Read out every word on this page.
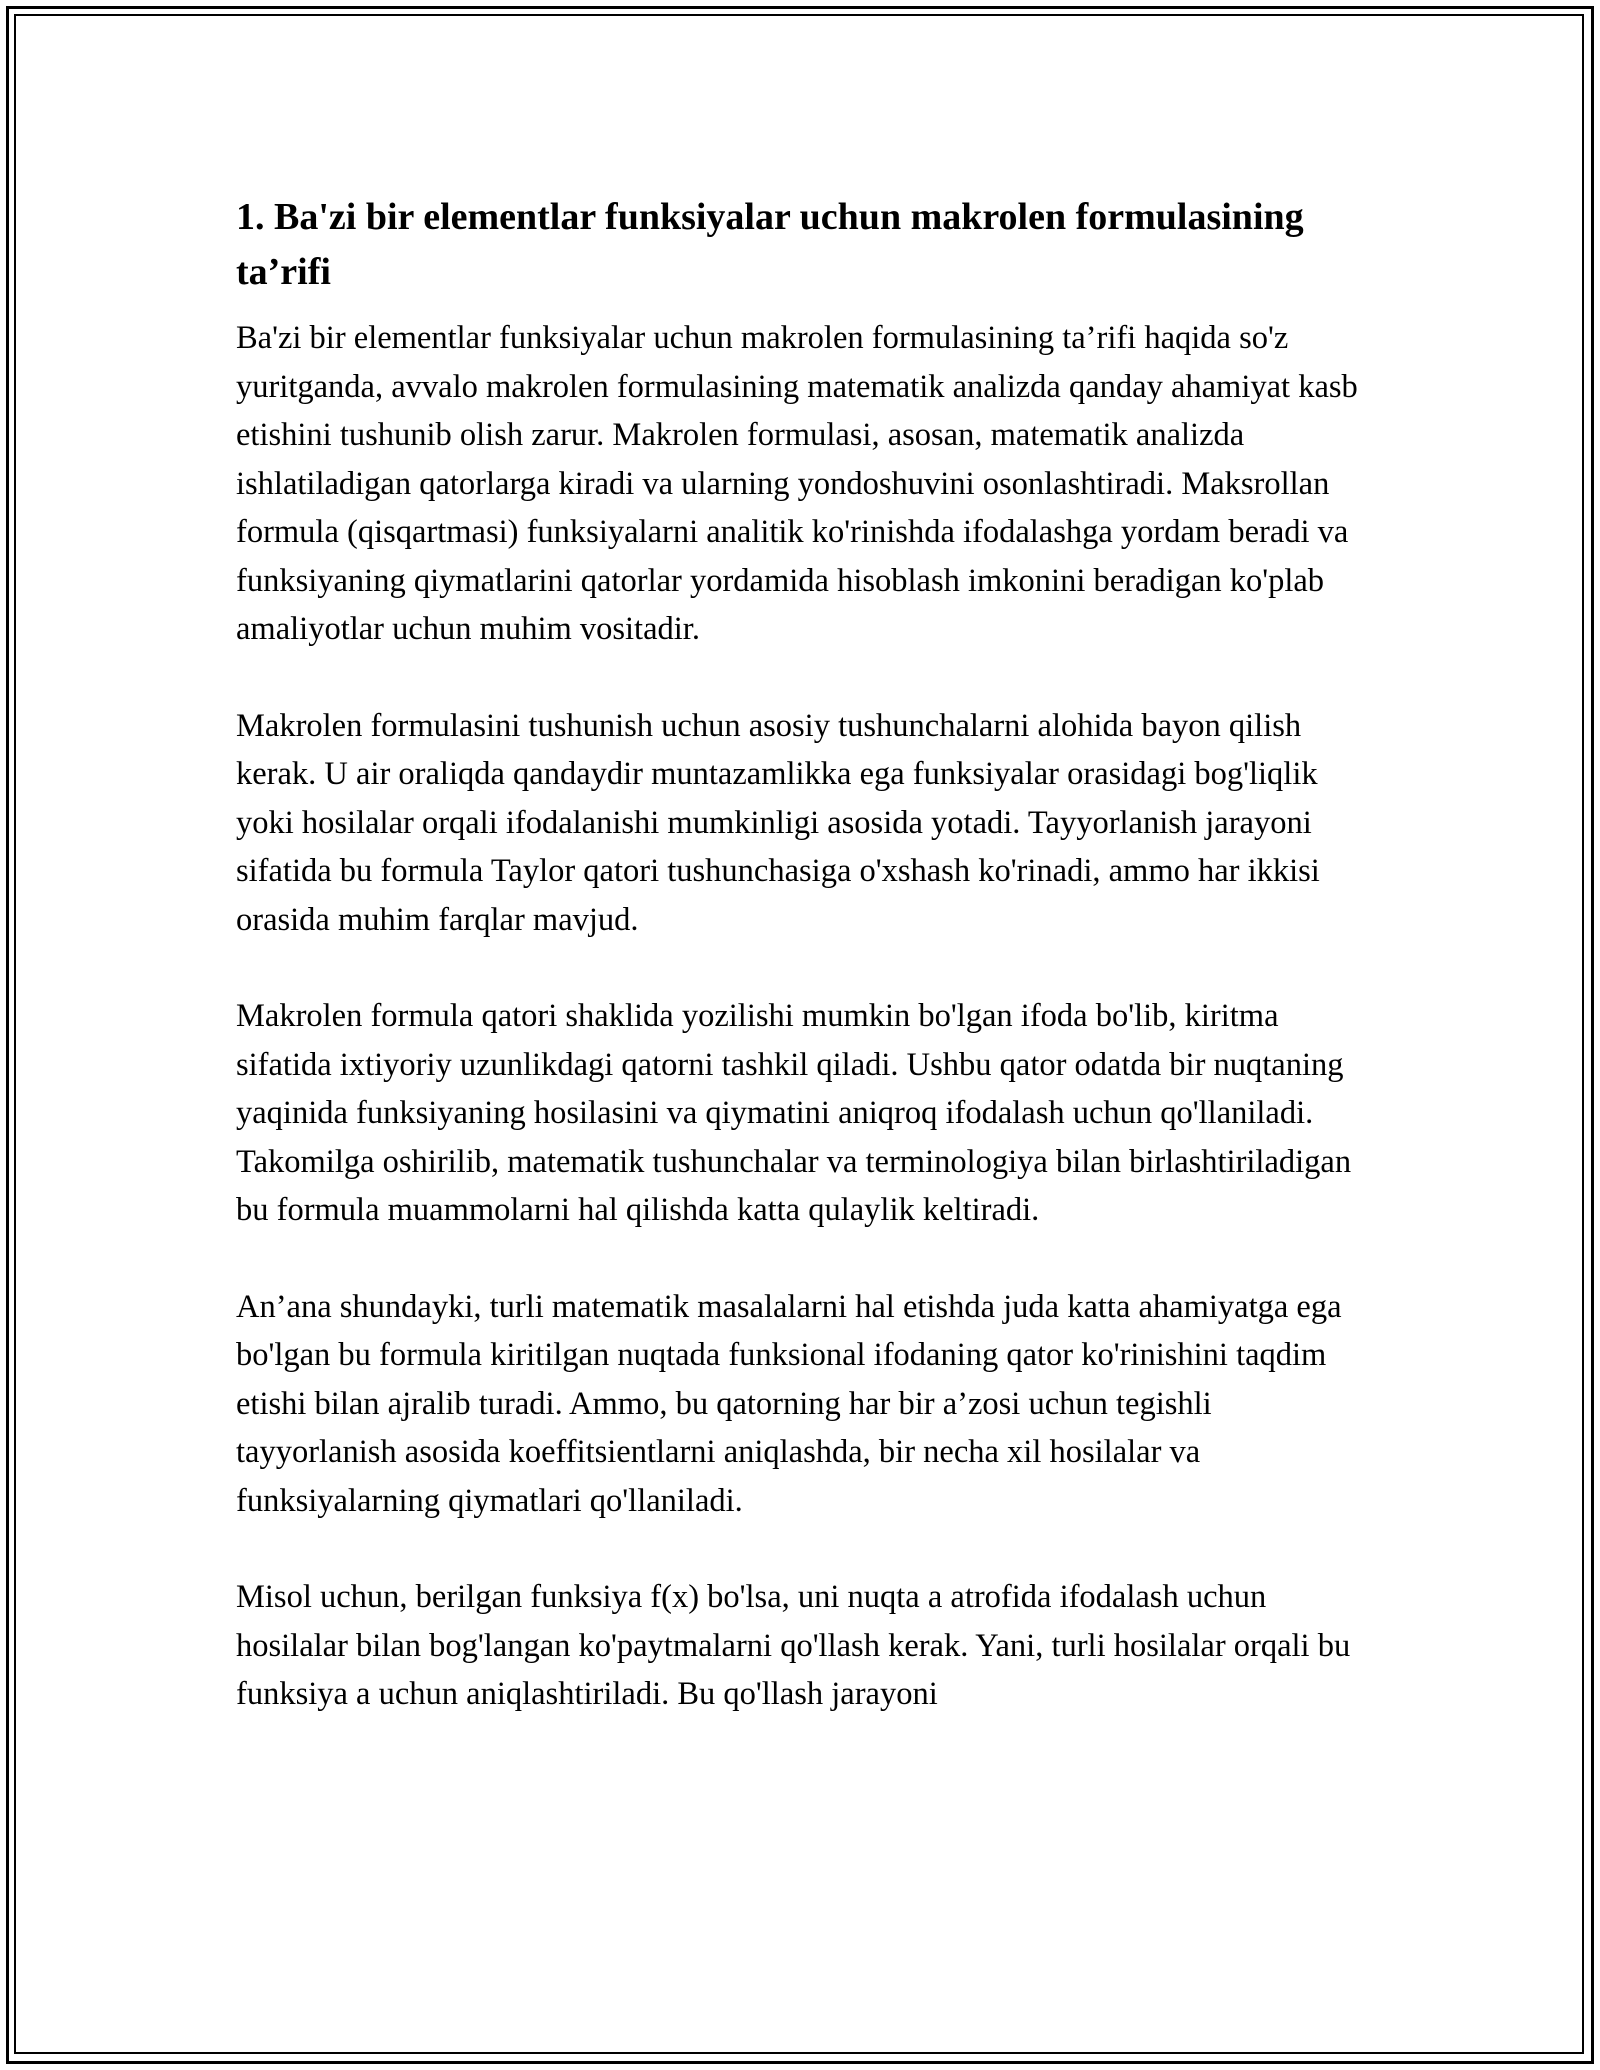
1. Ba'zi bir elementlar funksiyalar uchun makrolen formulasining ta’rifi

Ba'zi bir elementlar funksiyalar uchun makrolen formulasining ta’rifi haqida so'z yuritganda, avvalo makrolen formulasining matematik analizda qanday ahamiyat kasb etishini tushunib olish zarur. Makrolen formulasi, asosan, matematik analizda ishlatiladigan qatorlarga kiradi va ularning yondoshuvini osonlashtiradi. Maksrollan formula (qisqartmasi) funksiyalarni analitik ko'rinishda ifodalashga yordam beradi va funksiyaning qiymatlarini qatorlar yordamida hisoblash imkonini beradigan ko'plab amaliyotlar uchun muhim vositadir.

Makrolen formulasini tushunish uchun asosiy tushunchalarni alohida bayon qilish kerak. U air oraliqda qandaydir muntazamlikka ega funksiyalar orasidagi bog'liqlik yoki hosilalar orqali ifodalanishi mumkinligi asosida yotadi. Tayyorlanish jarayoni sifatida bu formula Taylor qatori tushunchasiga o'xshash ko'rinadi, ammo har ikkisi orasida muhim farqlar mavjud.

Makrolen formula qatori shaklida yozilishi mumkin bo'lgan ifoda bo'lib, kiritma sifatida ixtiyoriy uzunlikdagi qatorni tashkil qiladi. Ushbu qator odatda bir nuqtaning yaqinida funksiyaning hosilasini va qiymatini aniqroq ifodalash uchun qo'llaniladi. Takomilga oshirilib, matematik tushunchalar va terminologiya bilan birlashtiriladigan bu formula muammolarni hal qilishda katta qulaylik keltiradi.

An’ana shundayki, turli matematik masalalarni hal etishda juda katta ahamiyatga ega bo'lgan bu formula kiritilgan nuqtada funksional ifodaning qator ko'rinishini taqdim etishi bilan ajralib turadi. Ammo, bu qatorning har bir a’zosi uchun tegishli tayyorlanish asosida koeffitsientlarni aniqlashda, bir necha xil hosilalar va funksiyalarning qiymatlari qo'llaniladi.

Misol uchun, berilgan funksiya f(x) bo'lsa, uni nuqta a atrofida ifodalash uchun hosilalar bilan bog'langan ko'paytmalarni qo'llash kerak. Yani, turli hosilalar orqali bu funksiya a uchun aniqlashtiriladi. Bu qo'llash jarayoni
